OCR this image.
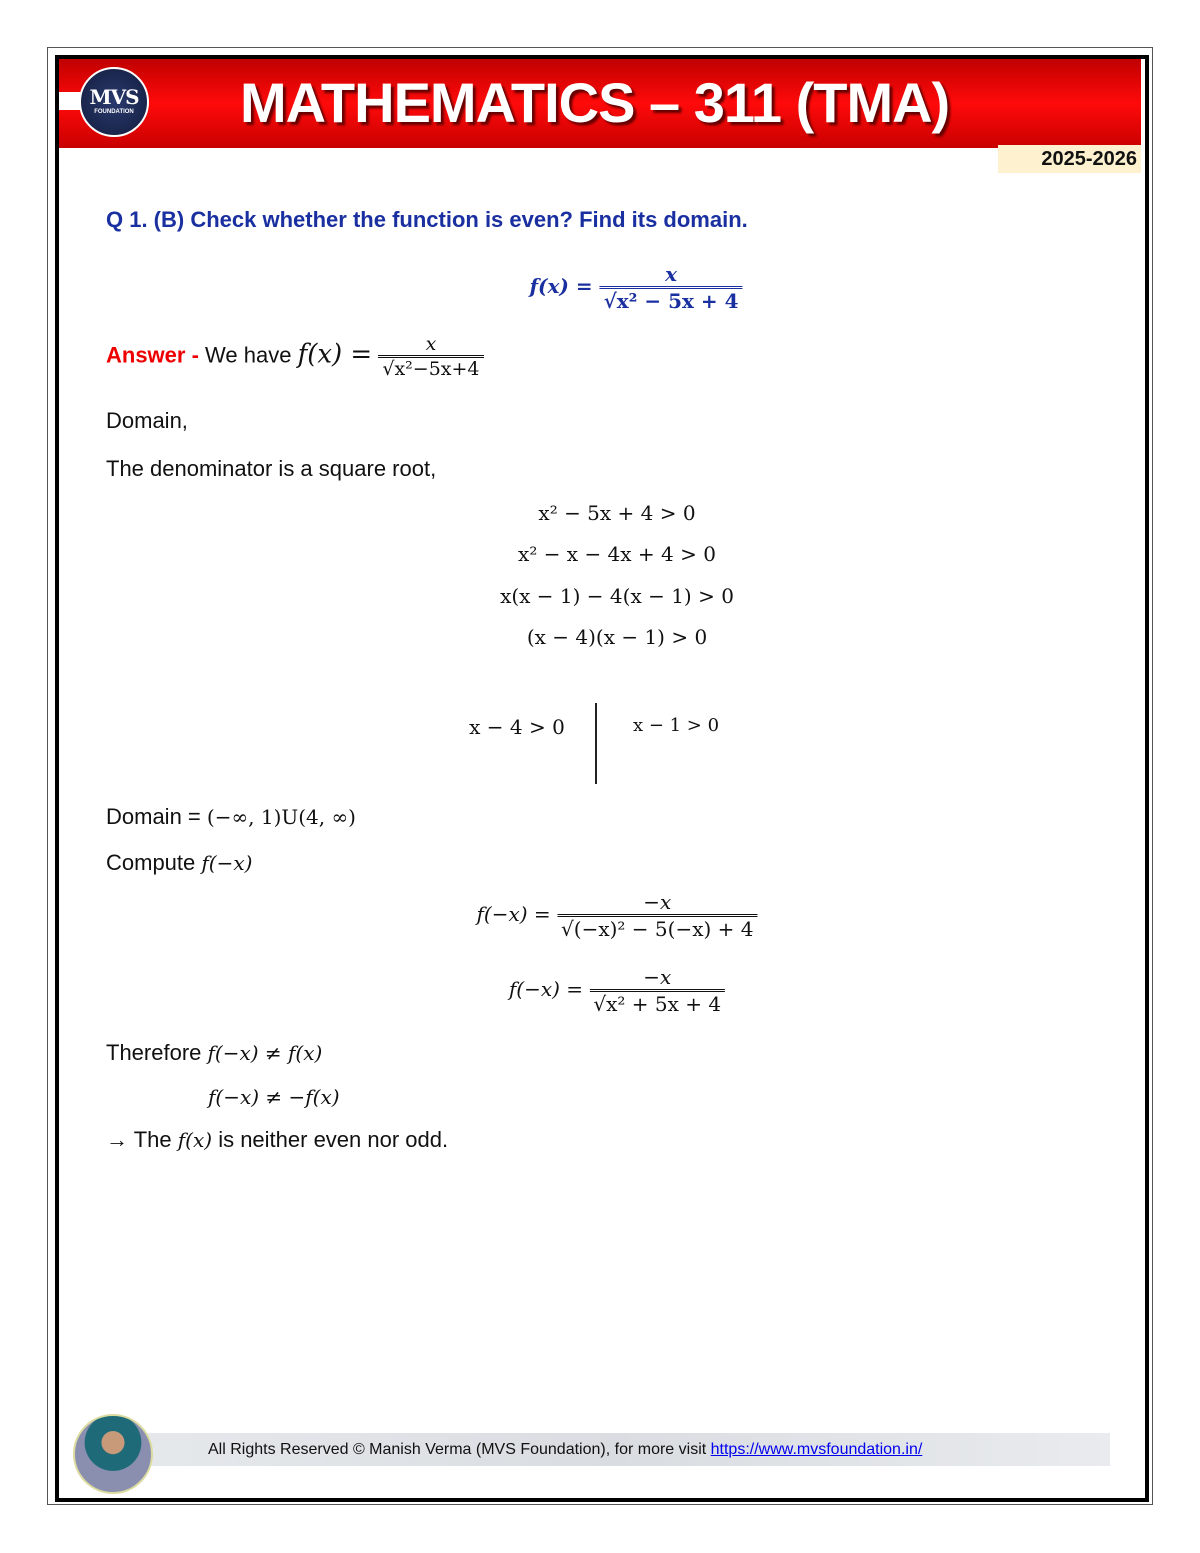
MVS
FOUNDATION MATHEMATICS – 311 (TMA)
2025-2026
Q 1. (B) Check whether the function is even? Find its domain.
$f(x) = \frac{x}{\text{√x² − 5x + 4}}$
Answer - We have $f(x) = \frac{x}{\text{√x²−5x+4}}$
Domain,
The denominator is a square root,
x² − 5x + 4 > 0
x² − x − 4x + 4 > 0
x(x − 1) − 4(x − 1) > 0
(x − 4)(x − 1) > 0
x − 4 > 0	x − 1 > 0
Domain = (−∞, 1)U(4, ∞)
Compute f(−x)
$f(-x) = \frac{-x}{\text{√(−x)² − 5(−x) + 4}}$
$f(-x) = \frac{-x}{\text{√x² + 5x + 4}}$
Therefore f(−x) ≠ f(x)
f(−x) ≠ −f(x)
→ The f(x) is neither even nor odd.
All Rights Reserved © Manish Verma (MVS Foundation), for more visit https://www.mvsfoundation.in/
